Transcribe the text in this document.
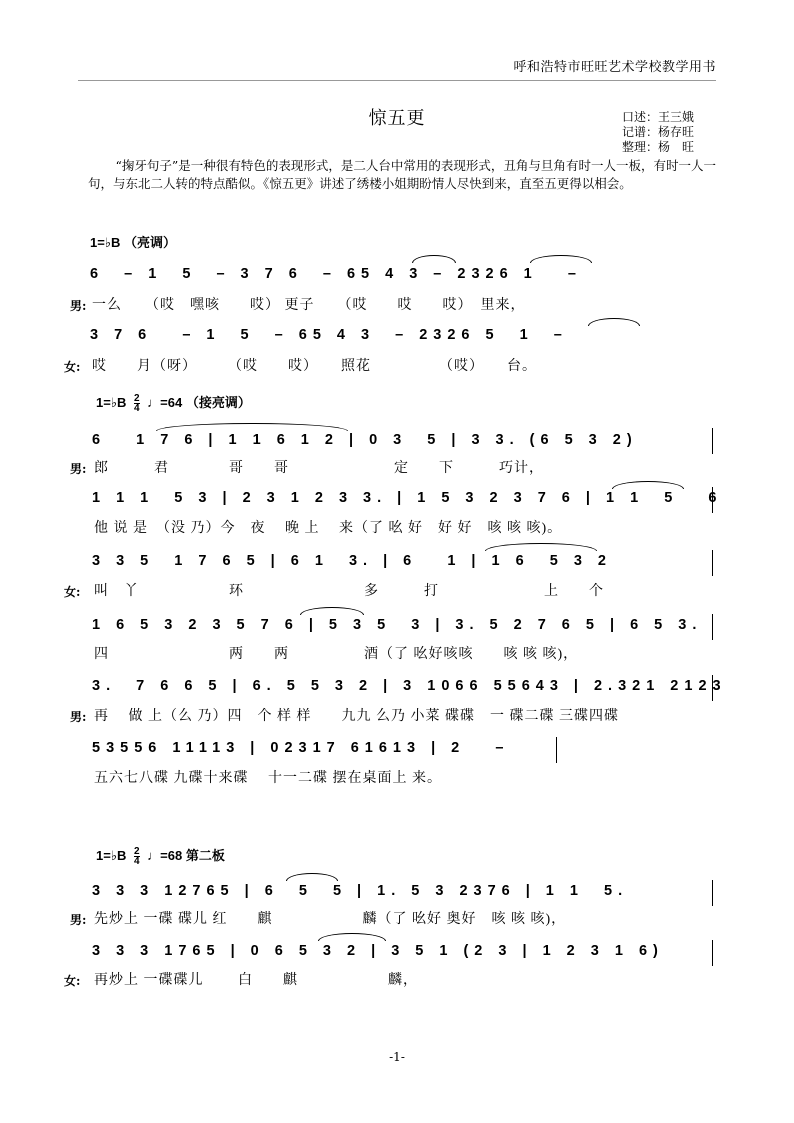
呼和浩特市旺旺艺术学校教学用书
惊五更	口述：王三娥
记谱：杨存旺
整理：杨　旺

“掬牙句子”是一种很有特色的表现形式，是二人台中常用的表现形式，丑角与旦角有时一人一板，有时一人一句，与东北二人转的特点酷似。《惊五更》讲述了绣楼小姐期盼情人尽快到来，直至五更得以相会。

1=♭B （亮调）
6  – 1  5  – 3 7 6  – 65 4 3 – 2326 1   –
男: 一么　　（哎　嘿咳　　哎） 更子　　（哎　　哎　　哎）　里来，
3 7 6   – 1  5  – 65 4 3  – 2326 5  1  –
女: 哎　　月（呀）　　　（哎　　哎）　　照花　　　　　（哎）　　台。
1=♭B $\frac{2}{4}$ ♩=64 （接亮调）
6   1 7 6 | 1 1 6 1 2 | 0 3  5 | 3 3. (6 5 3 2)
男: 郎　　　君　　　　哥　　哥　　　　　　　定　　下　　　巧计，
1 1 1  5 3 | 2 3 1 2 3 3. | 1 5 3 2 3 7 6 | 1 1  5   6
他 说 是　（没 乃）今　夜　 晚 上　 来（了 吆 好　好 好　咳 咳 咳)。
3 3 5  1 7 6 5 | 6 1  3. | 6   1 | 1 6  5 3 2
女: 叫　丫　　　　　　环　　　　　　　　多　　　打　　　　　　　上　　个
1 6 5 3 2 3 5 7 6 | 5 3 5  3 | 3. 5 2 7 6 5 | 6 5 3.
四　　　　　　　　两　　两　　　　　酒（了 吆好咳咳　　咳 咳 咳)，
3.  7 6 6 5 | 6. 5 5 3 2 | 3 1066 55643 | 2.321 2123
男: 再　 做 上（么 乃）四　个 样 样　　九九 么乃 小菜 碟碟　一 碟二碟 三碟四碟
53556 11113 | 02317 61613 | 2   –
五六七八碟 九碟十来碟　 十一二碟 摆在桌面上 来。
1=♭B $\frac{2}{4}$ ♩=68 第二板
3 3 3 12765 | 6  5  5 | 1. 5 3 2376 | 1 1  5.
男: 先炒上 一碟 碟儿 红　　麒　　　　　　麟（了 吆好 奥好　咳 咳 咳)，
3 3 3 1765 | 0 6 5 3 2 | 3 5 1 (2 3 | 1 2 3 1 6)
女: 再炒上 一碟碟儿　　 白　　麒　　　　　　麟，
-1-
